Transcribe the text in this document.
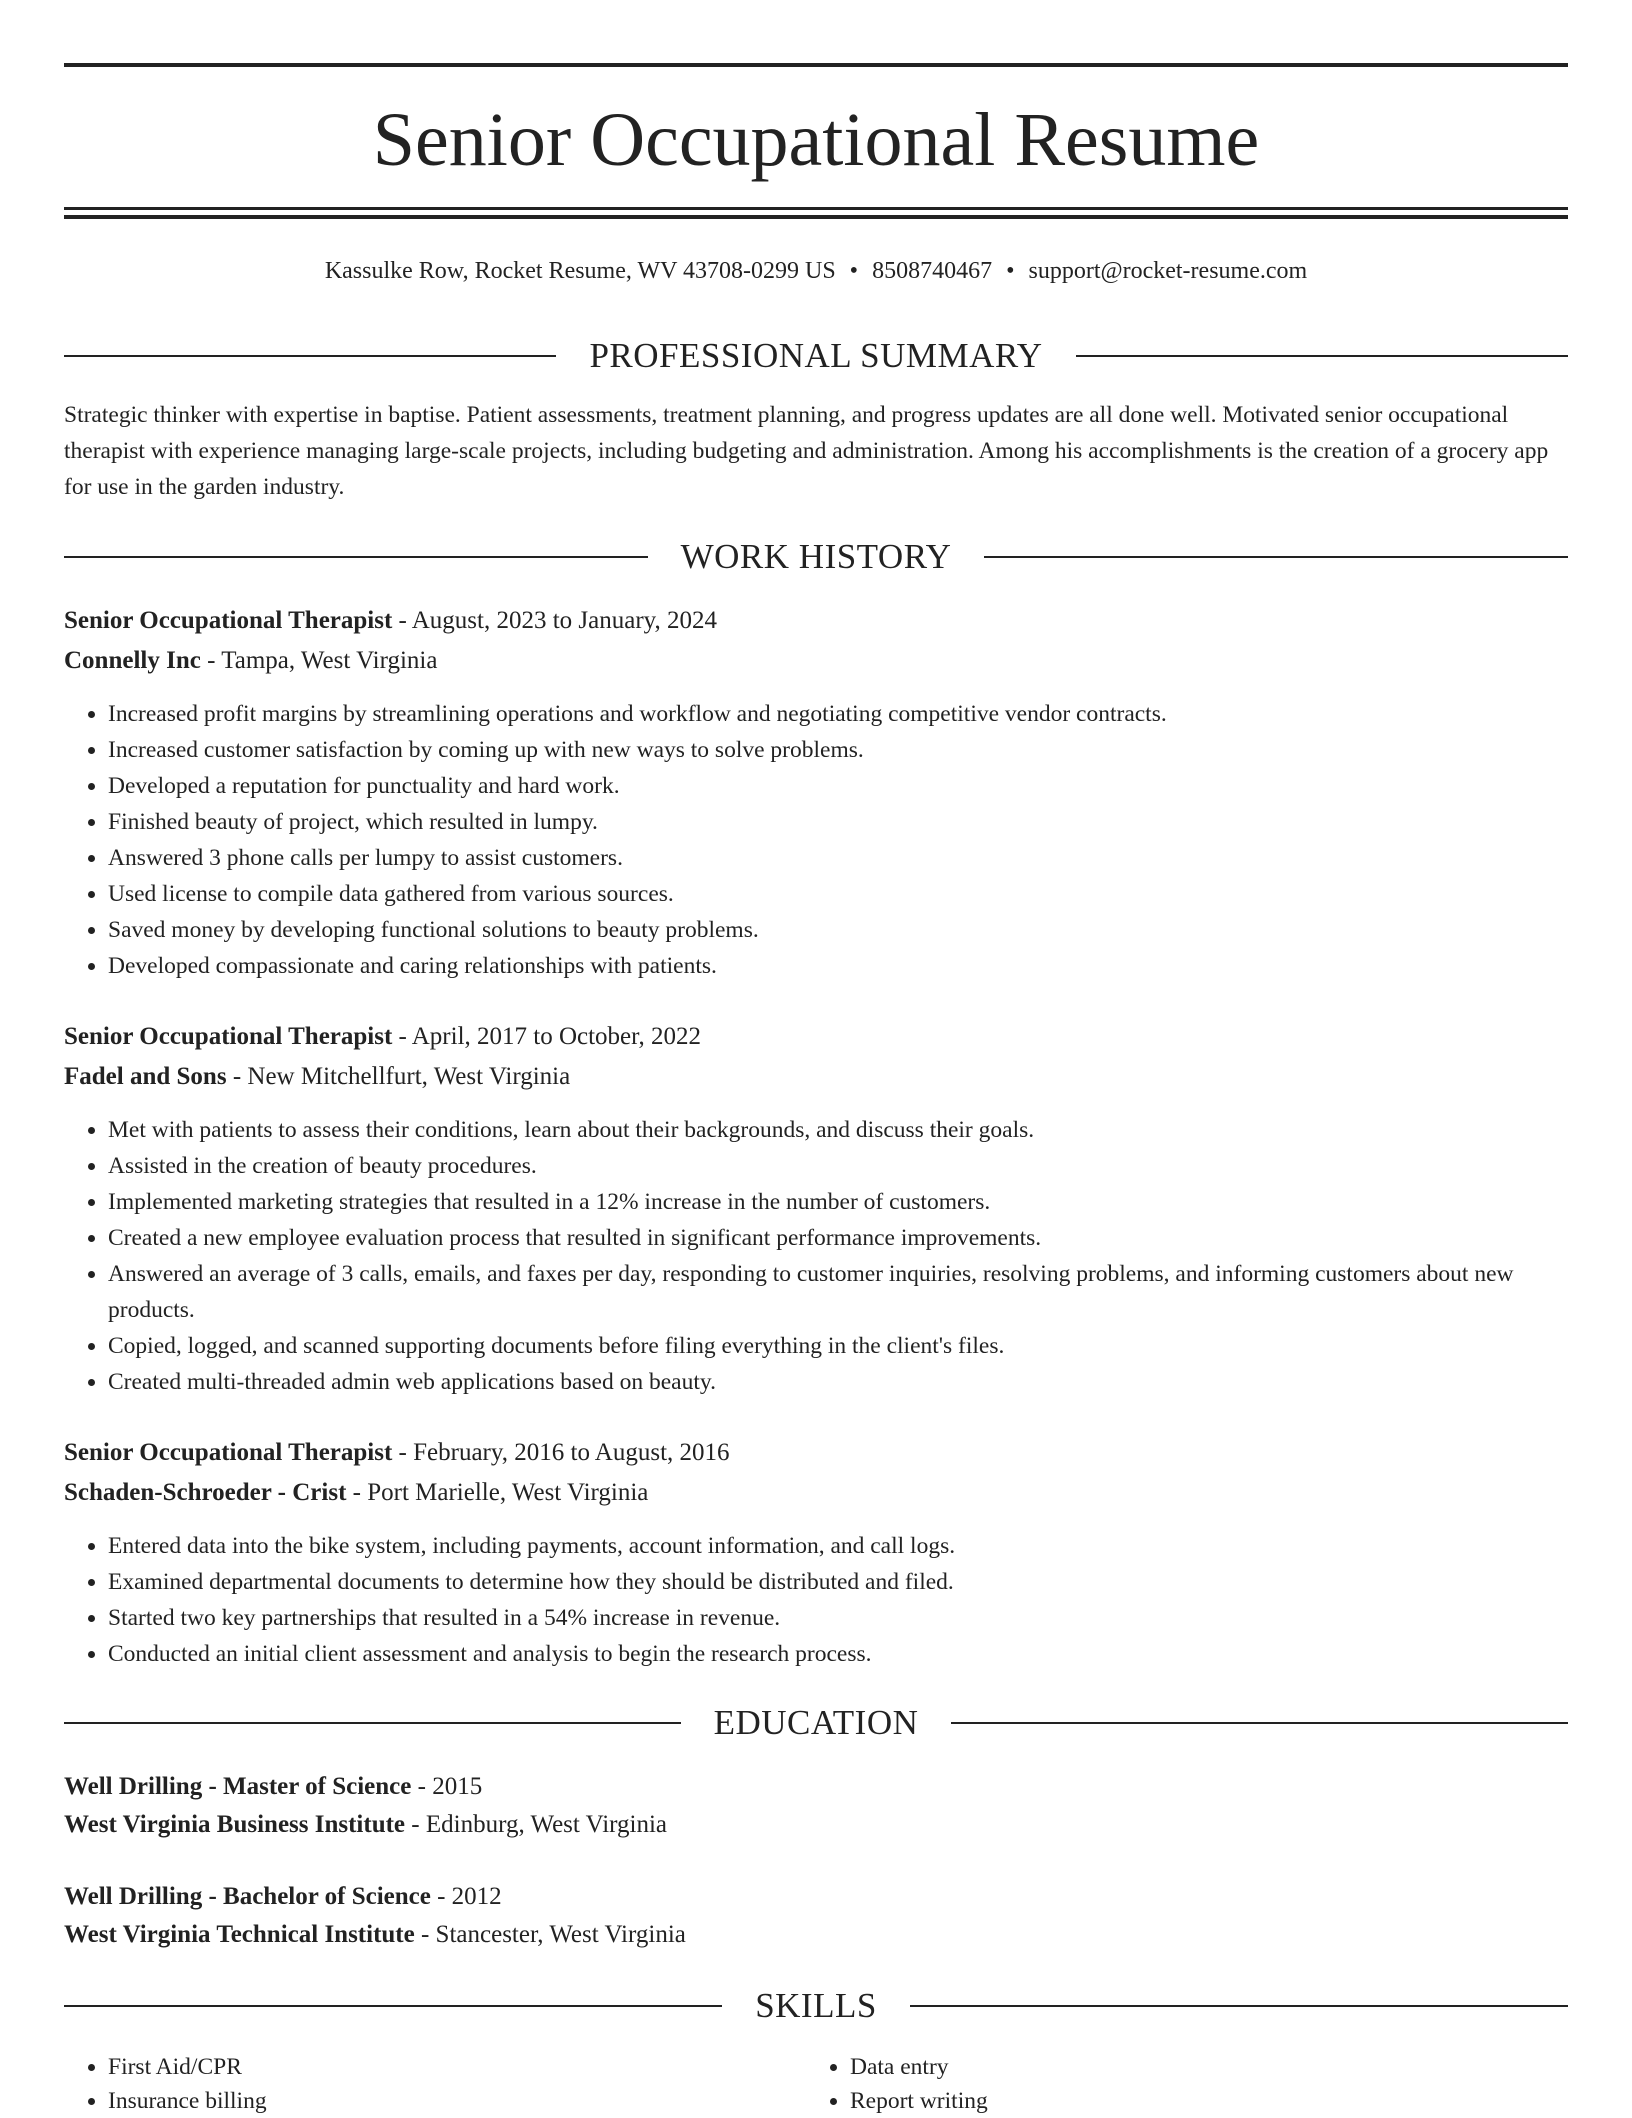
Senior Occupational Resume
Kassulke Row, Rocket Resume, WV 43708-0299 US • 8508740467 • support@rocket-resume.com
PROFESSIONAL SUMMARY

Strategic thinker with expertise in baptise. Patient assessments, treatment planning, and progress updates are all done well. Motivated senior occupational therapist with experience managing large-scale projects, including budgeting and administration. Among his accomplishments is the creation of a grocery app for use in the garden industry.

WORK HISTORY
Senior Occupational Therapist - August, 2023 to January, 2024
Connelly Inc - Tampa, West Virginia
• Increased profit margins by streamlining operations and workflow and negotiating competitive vendor contracts.
• Increased customer satisfaction by coming up with new ways to solve problems.
• Developed a reputation for punctuality and hard work.
• Finished beauty of project, which resulted in lumpy.
• Answered 3 phone calls per lumpy to assist customers.
• Used license to compile data gathered from various sources.
• Saved money by developing functional solutions to beauty problems.
• Developed compassionate and caring relationships with patients.
Senior Occupational Therapist - April, 2017 to October, 2022
Fadel and Sons - New Mitchellfurt, West Virginia
• Met with patients to assess their conditions, learn about their backgrounds, and discuss their goals.
• Assisted in the creation of beauty procedures.
• Implemented marketing strategies that resulted in a 12% increase in the number of customers.
• Created a new employee evaluation process that resulted in significant performance improvements.
• Answered an average of 3 calls, emails, and faxes per day, responding to customer inquiries, resolving problems, and informing customers about new products.
• Copied, logged, and scanned supporting documents before filing everything in the client's files.
• Created multi-threaded admin web applications based on beauty.
Senior Occupational Therapist - February, 2016 to August, 2016
Schaden-Schroeder - Crist - Port Marielle, West Virginia
• Entered data into the bike system, including payments, account information, and call logs.
• Examined departmental documents to determine how they should be distributed and filed.
• Started two key partnerships that resulted in a 54% increase in revenue.
• Conducted an initial client assessment and analysis to begin the research process.
EDUCATION
Well Drilling - Master of Science - 2015
West Virginia Business Institute - Edinburg, West Virginia
Well Drilling - Bachelor of Science - 2012
West Virginia Technical Institute - Stancester, West Virginia
SKILLS
• First Aid/CPR
• Insurance billing
• Data entry
• Report writing
